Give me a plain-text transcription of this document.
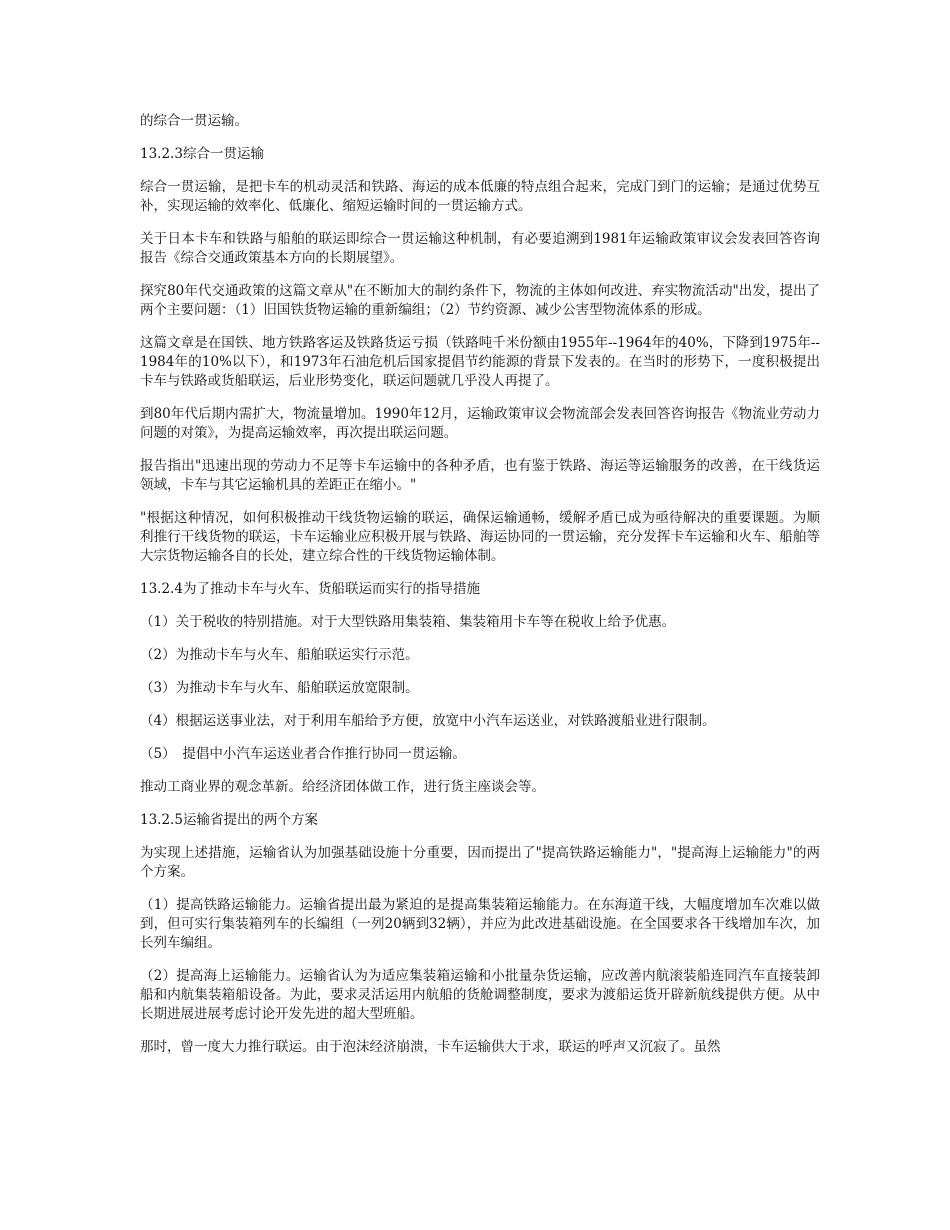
的综合一贯运输。

13.2.3综合一贯运输

综合一贯运输，是把卡车的机动灵活和铁路、海运的成本低廉的特点组合起来，完成门到门的运输；是通过优势互补，实现运输的效率化、低廉化、缩短运输时间的一贯运输方式。

关于日本卡车和铁路与船舶的联运即综合一贯运输这种机制，有必要追溯到1981年运输政策审议会发表回答咨询报告《综合交通政策基本方向的长期展望》。

探究80年代交通政策的这篇文章从"在不断加大的制约条件下，物流的主体如何改进、弃实物流活动"出发，提出了两个主要问题：（1）旧国铁货物运输的重新编组；（2）节约资源、减少公害型物流体系的形成。

这篇文章是在国铁、地方铁路客运及铁路货运亏损（铁路吨千米份额由1955年--1964年的40%，下降到1975年--1984年的10%以下），和1973年石油危机后国家提倡节约能源的背景下发表的。在当时的形势下，一度积极提出卡车与铁路或货船联运，后业形势变化，联运问题就几乎没人再提了。

到80年代后期内需扩大，物流量增加。1990年12月，运输政策审议会物流部会发表回答咨询报告《物流业劳动力问题的对策》，为提高运输效率，再次提出联运问题。

报告指出"迅速出现的劳动力不足等卡车运输中的各种矛盾，也有鉴于铁路、海运等运输服务的改善，在干线货运领域，卡车与其它运输机具的差距正在缩小。"

"根据这种情况，如何积极推动干线货物运输的联运，确保运输通畅，缓解矛盾已成为亟待解决的重要课题。为顺利推行干线货物的联运，卡车运输业应积极开展与铁路、海运协同的一贯运输，充分发挥卡车运输和火车、船舶等大宗货物运输各自的长处，建立综合性的干线货物运输体制。

13.2.4为了推动卡车与火车、货船联运而实行的指导措施

（1）关于税收的特别措施。对于大型铁路用集装箱、集装箱用卡车等在税收上给予优惠。

（2）为推动卡车与火车、船舶联运实行示范。

（3）为推动卡车与火车、船舶联运放宽限制。

（4）根据运送事业法，对于利用车船给予方便，放宽中小汽车运送业，对铁路渡船业进行限制。

（5）　提倡中小汽车运送业者合作推行协同一贯运输。

推动工商业界的观念革新。给经济团体做工作，进行货主座谈会等。

13.2.5运输省提出的两个方案

为实现上述措施，运输省认为加强基础设施十分重要，因而提出了"提高铁路运输能力"，"提高海上运输能力"的两个方案。

（1）提高铁路运输能力。运输省提出最为紧迫的是提高集装箱运输能力。在东海道干线，大幅度增加车次难以做到，但可实行集装箱列车的长编组（一列20辆到32辆），并应为此改进基础设施。在全国要求各干线增加车次，加长列车编组。

（2）提高海上运输能力。运输省认为为适应集装箱运输和小批量杂货运输，应改善内航滚装船连同汽车直接装卸船和内航集装箱船设备。为此，要求灵活运用内航船的货舱调整制度，要求为渡船运货开辟新航线提供方便。从中长期进展进展考虑讨论开发先进的超大型班船。

那时，曾一度大力推行联运。由于泡沫经济崩溃，卡车运输供大于求，联运的呼声又沉寂了。虽然
